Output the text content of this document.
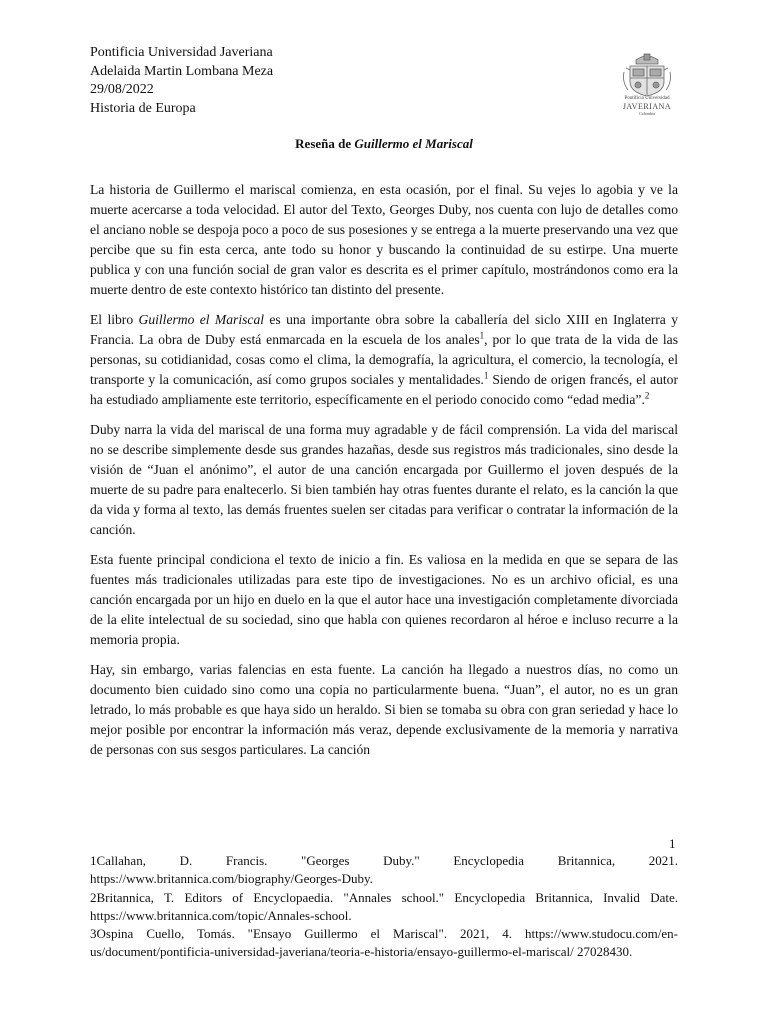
Pontificia Universidad Javeriana
Adelaida Martin Lombana Meza
29/08/2022
Historia de Europa
Pontificia Universidad
JAVERIANA
Colombia
Reseña de Guillermo el Mariscal

La historia de Guillermo el mariscal comienza, en esta ocasión, por el final. Su vejes lo agobia y ve la muerte acercarse a toda velocidad. El autor del Texto, Georges Duby, nos cuenta con lujo de detalles como el anciano noble se despoja poco a poco de sus posesiones y se entrega a la muerte preservando una vez que percibe que su fin esta cerca, ante todo su honor y buscando la continuidad de su estirpe. Una muerte publica y con una función social de gran valor es descrita es el primer capítulo, mostrándonos como era la muerte dentro de este contexto histórico tan distinto del presente.

El libro Guillermo el Mariscal es una importante obra sobre la caballería del siclo XIII en Inglaterra y Francia. La obra de Duby está enmarcada en la escuela de los anales$^1$, por lo que trata de la vida de las personas, su cotidianidad, cosas como el clima, la demografía, la agricultura, el comercio, la tecnología, el transporte y la comunicación, así como grupos sociales y mentalidades.$^1$ Siendo de origen francés, el autor ha estudiado ampliamente este territorio, específicamente en el periodo conocido como “edad media”.$^2$

Duby narra la vida del mariscal de una forma muy agradable y de fácil comprensión. La vida del mariscal no se describe simplemente desde sus grandes hazañas, desde sus registros más tradicionales, sino desde la visión de “Juan el anónimo”, el autor de una canción encargada por Guillermo el joven después de la muerte de su padre para enaltecerlo. Si bien también hay otras fuentes durante el relato, es la canción la que da vida y forma al texto, las demás fruentes suelen ser citadas para verificar o contratar la información de la canción.

Esta fuente principal condiciona el texto de inicio a fin. Es valiosa en la medida en que se separa de las fuentes más tradicionales utilizadas para este tipo de investigaciones. No es un archivo oficial, es una canción encargada por un hijo en duelo en la que el autor hace una investigación completamente divorciada de la elite intelectual de su sociedad, sino que habla con quienes recordaron al héroe e incluso recurre a la memoria propia.

Hay, sin embargo, varias falencias en esta fuente. La canción ha llegado a nuestros días, no como un documento bien cuidado sino como una copia no particularmente buena. “Juan”, el autor, no es un gran letrado, lo más probable es que haya sido un heraldo. Si bien se tomaba su obra con gran seriedad y hace lo mejor posible por encontrar la información más veraz, depende exclusivamente de la memoria y narrativa de personas con sus sesgos particulares. La canción

1
1Callahan, D. Francis. "Georges Duby." Encyclopedia Britannica, 2021. https://www.britannica.com/biography/Georges-Duby.
2Britannica, T. Editors of Encyclopaedia. "Annales school." Encyclopedia Britannica, Invalid Date. https://www.britannica.com/topic/Annales-school.
3Ospina Cuello, Tomás. "Ensayo Guillermo el Mariscal". 2021, 4. https://www.studocu.com/en-us/document/pontificia-universidad-javeriana/teoria-e-historia/ensayo-guillermo-el-mariscal/ 27028430.
